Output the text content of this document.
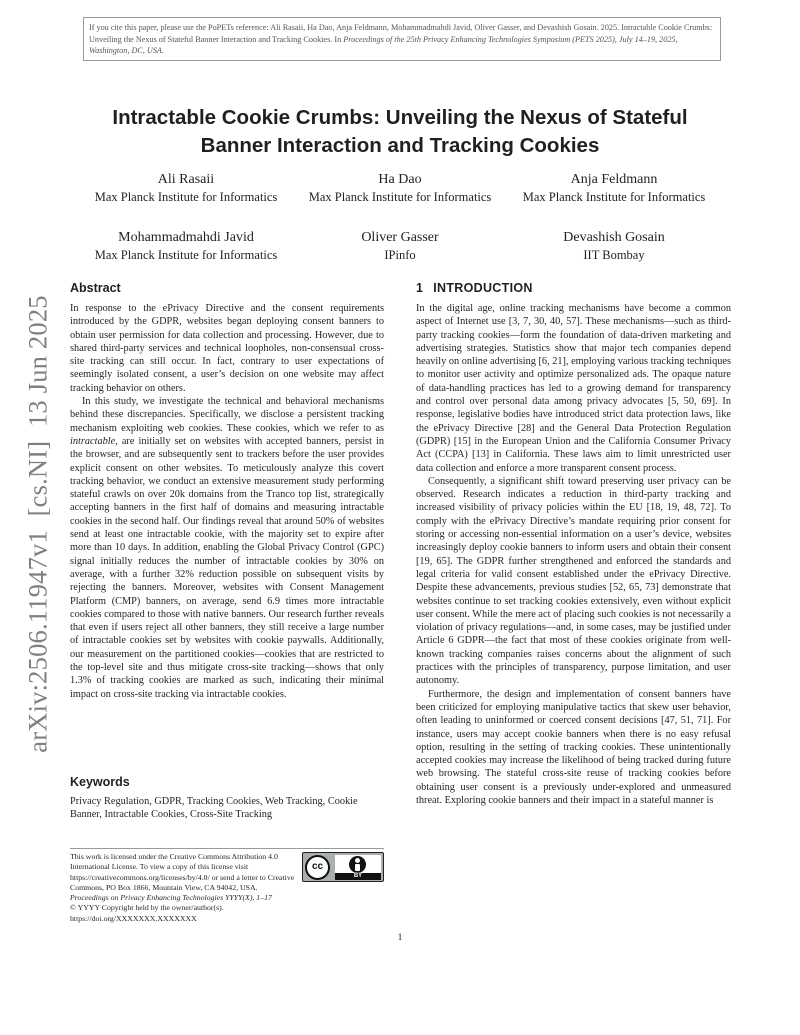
If you cite this paper, please use the PoPETs reference: Ali Rasaii, Ha Dao, Anja Feldmann, Mohammadmahdi Javid, Oliver Gasser, and Devashish Gosain. 2025. Intractable Cookie Crumbs: Unveiling the Nexus of Stateful Banner Interaction and Tracking Cookies. In Proceedings of the 25th Privacy Enhancing Technologies Symposium (PETS 2025), July 14–19, 2025, Washington, DC, USA.
arXiv:2506.11947v1  [cs.NI]  13 Jun 2025
Intractable Cookie Crumbs: Unveiling the Nexus of Stateful
Banner Interaction and Tracking Cookies
Ali Rasaii
Max Planck Institute for Informatics
Ha Dao
Max Planck Institute for Informatics
Anja Feldmann
Max Planck Institute for Informatics
Mohammadmahdi Javid
Max Planck Institute for Informatics
Oliver Gasser
IPinfo
Devashish Gosain
IIT Bombay
Abstract

In response to the ePrivacy Directive and the consent requirements introduced by the GDPR, websites began deploying consent banners to obtain user permission for data collection and processing. However, due to shared third-party services and technical loopholes, non-consensual cross-site tracking can still occur. In fact, contrary to user expectations of seemingly isolated consent, a user’s decision on one website may affect tracking behavior on others.

In this study, we investigate the technical and behavioral mechanisms behind these discrepancies. Specifically, we disclose a persistent tracking mechanism exploiting web cookies. These cookies, which we refer to as intractable, are initially set on websites with accepted banners, persist in the browser, and are subsequently sent to trackers before the user provides explicit consent on other websites. To meticulously analyze this covert tracking behavior, we conduct an extensive measurement study performing stateful crawls on over 20k domains from the Tranco top list, strategically accepting banners in the first half of domains and measuring intractable cookies in the second half. Our findings reveal that around 50% of websites send at least one intractable cookie, with the majority set to expire after more than 10 days. In addition, enabling the Global Privacy Control (GPC) signal initially reduces the number of intractable cookies by 30% on average, with a further 32% reduction possible on subsequent visits by rejecting the banners. Moreover, websites with Consent Management Platform (CMP) banners, on average, send 6.9 times more intractable cookies compared to those with native banners. Our research further reveals that even if users reject all other banners, they still receive a large number of intractable cookies set by websites with cookie paywalls. Additionally, our measurement on the partitioned cookies—cookies that are restricted to the top-level site and thus mitigate cross-site tracking—shows that only 1.3% of tracking cookies are marked as such, indicating their minimal impact on cross-site tracking via intractable cookies.

Keywords
Privacy Regulation, GDPR, Tracking Cookies, Web Tracking, Cookie Banner, Intractable Cookies, Cross-Site Tracking
This work is licensed under the Creative Commons Attribution 4.0 International License. To view a copy of this license visit https://creativecommons.org/licenses/by/4.0/ or send a letter to Creative Commons, PO Box 1866, Mountain View, CA 94042, USA.
Proceedings on Privacy Enhancing Technologies YYYY(X), 1–17
© YYYY Copyright held by the owner/author(s).
https://doi.org/XXXXXXX.XXXXXXX
cc
BY
1 INTRODUCTION

In the digital age, online tracking mechanisms have become a common aspect of Internet use [3, 7, 30, 40, 57]. These mechanisms—such as third-party tracking cookies—form the foundation of data-driven marketing and advertising strategies. Statistics show that major tech companies depend heavily on online advertising [6, 21], employing various tracking techniques to monitor user activity and optimize personalized ads. The opaque nature of data-handling practices has led to a growing demand for transparency and control over personal data among privacy advocates [5, 50, 69]. In response, legislative bodies have introduced strict data protection laws, like the ePrivacy Directive [28] and the General Data Protection Regulation (GDPR) [15] in the European Union and the California Consumer Privacy Act (CCPA) [13] in California. These laws aim to limit unrestricted user data collection and enforce a more transparent consent process.

Consequently, a significant shift toward preserving user privacy can be observed. Research indicates a reduction in third-party tracking and increased visibility of privacy policies within the EU [18, 19, 48, 72]. To comply with the ePrivacy Directive’s mandate requiring prior consent for storing or accessing non-essential information on a user’s device, websites increasingly deploy cookie banners to inform users and obtain their consent [19, 65]. The GDPR further strengthened and enforced the standards and legal criteria for valid consent established under the ePrivacy Directive. Despite these advancements, previous studies [52, 65, 73] demonstrate that websites continue to set tracking cookies extensively, even without explicit user consent. While the mere act of placing such cookies is not necessarily a violation of privacy regulations—and, in some cases, may be justified under Article 6 GDPR—the fact that most of these cookies originate from well-known tracking companies raises concerns about the alignment of such practices with the principles of transparency, purpose limitation, and user autonomy.

Furthermore, the design and implementation of consent banners have been criticized for employing manipulative tactics that skew user behavior, often leading to uninformed or coerced consent decisions [47, 51, 71]. For instance, users may accept cookie banners when there is no easy refusal option, resulting in the setting of tracking cookies. These unintentionally accepted cookies may increase the likelihood of being tracked during future web browsing. The stateful cross-site reuse of tracking cookies before obtaining user consent is a previously under-explored and unmeasured threat. Exploring cookie banners and their impact in a stateful manner is

1
